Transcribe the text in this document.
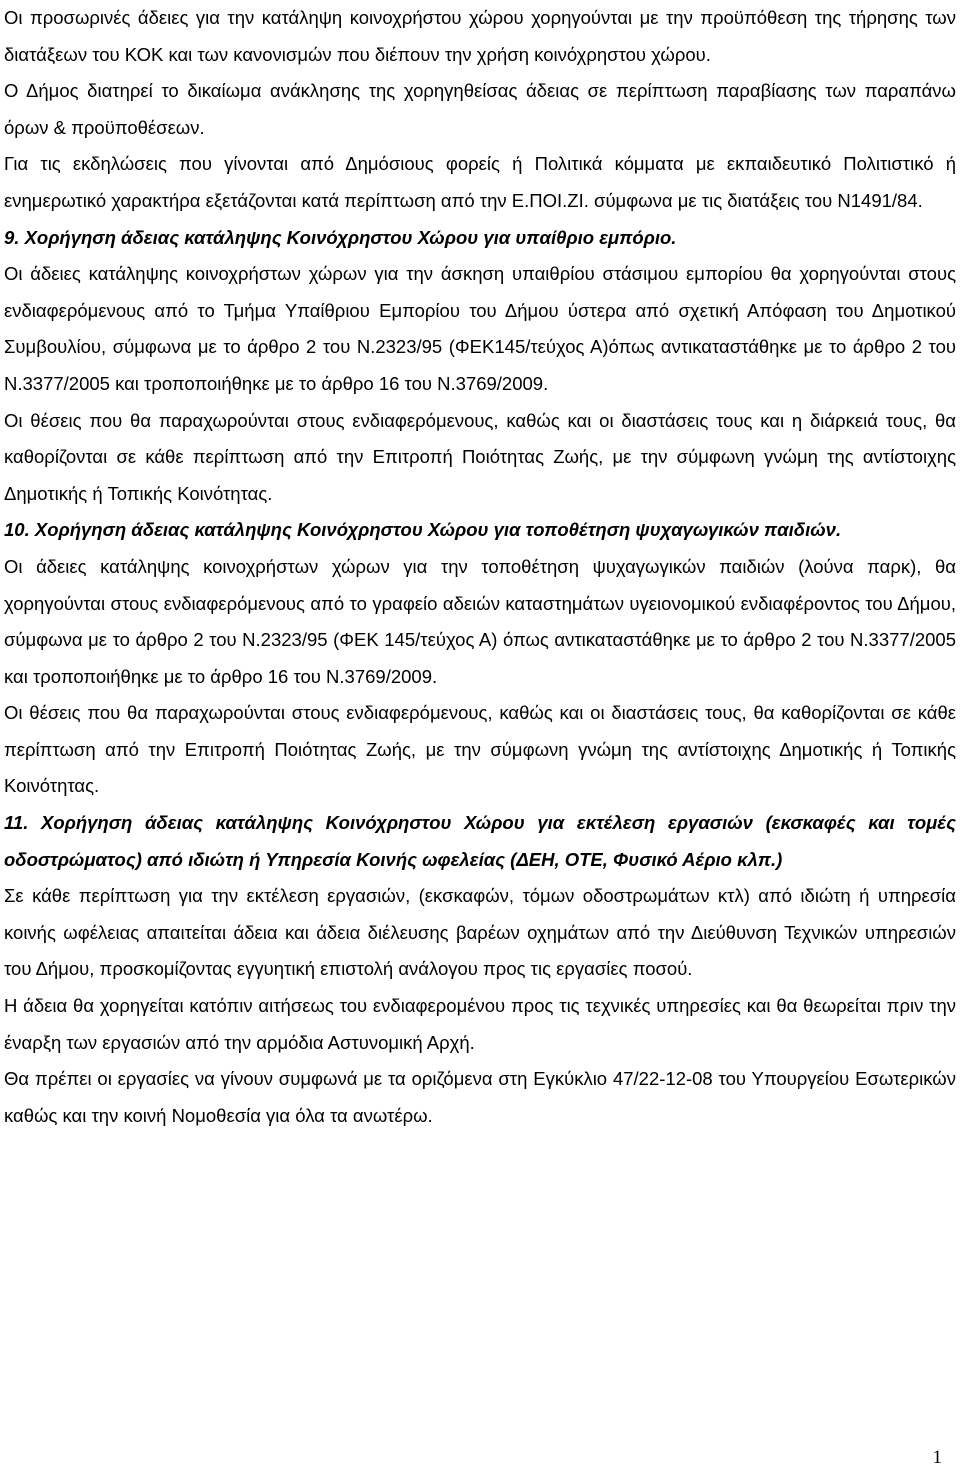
Οι προσωρινές άδειες για την κατάληψη κοινοχρήστου χώρου χορηγούνται με την προϋπόθεση της τήρησης των διατάξεων του ΚΟΚ και των κανονισμών που διέπουν την χρήση κοινόχρηστου χώρου.

Ο Δήμος διατηρεί το δικαίωμα ανάκλησης της χορηγηθείσας άδειας σε περίπτωση παραβίασης των παραπάνω όρων & προϋποθέσεων.

Για τις εκδηλώσεις που γίνονται από Δημόσιους φορείς ή Πολιτικά κόμματα με εκπαιδευτικό Πολιτιστικό ή ενημερωτικό χαρακτήρα εξετάζονται κατά περίπτωση από την Ε.ΠΟΙ.ΖΙ. σύμφωνα με τις διατάξεις του Ν1491/84.

9. Χορήγηση άδειας κατάληψης Κοινόχρηστου Χώρου για υπαίθριο εμπόριο.

Οι άδειες κατάληψης κοινοχρήστων χώρων για την άσκηση υπαιθρίου στάσιμου εμπορίου θα χορηγούνται στους ενδιαφερόμενους από το Τμήμα Υπαίθριου Εμπορίου του Δήμου ύστερα από σχετική Απόφαση του Δημοτικού Συμβουλίου, σύμφωνα με το άρθρο 2 του Ν.2323/95 (ΦΕΚ145/τεύχος Α)όπως αντικαταστάθηκε με το άρθρο 2 του Ν.3377/2005 και τροποποιήθηκε με το άρθρο 16 του Ν.3769/2009.

Οι θέσεις που θα παραχωρούνται στους ενδιαφερόμενους, καθώς και οι διαστάσεις τους και η διάρκειά τους, θα καθορίζονται σε κάθε περίπτωση από την Επιτροπή Ποιότητας Ζωής, με την σύμφωνη γνώμη της αντίστοιχης Δημοτικής ή Τοπικής Κοινότητας.

10. Χορήγηση άδειας κατάληψης Κοινόχρηστου Χώρου για τοποθέτηση ψυχαγωγικών παιδιών.

Οι άδειες κατάληψης κοινοχρήστων χώρων για την τοποθέτηση ψυχαγωγικών παιδιών (λούνα παρκ), θα χορηγούνται στους ενδιαφερόμενους από το γραφείο αδειών καταστημάτων υγειονομικού ενδιαφέροντος του Δήμου, σύμφωνα με το άρθρο 2 του Ν.2323/95 (ΦΕΚ 145/τεύχος Α) όπως αντικαταστάθηκε με το άρθρο 2 του Ν.3377/2005 και τροποποιήθηκε με το άρθρο 16 του Ν.3769/2009.

Οι θέσεις που θα παραχωρούνται στους ενδιαφερόμενους, καθώς και οι διαστάσεις τους, θα καθορίζονται σε κάθε περίπτωση από την Επιτροπή Ποιότητας Ζωής, με την σύμφωνη γνώμη της αντίστοιχης Δημοτικής ή Τοπικής Κοινότητας.

11. Χορήγηση άδειας κατάληψης Κοινόχρηστου Χώρου για εκτέλεση εργασιών (εκσκαφές και τομές οδοστρώματος) από ιδιώτη ή Υπηρεσία Κοινής ωφελείας (ΔΕΗ, ΟΤΕ, Φυσικό Αέριο κλπ.)

Σε κάθε περίπτωση για την εκτέλεση εργασιών, (εκσκαφών, τόμων οδοστρωμάτων κτλ) από ιδιώτη ή υπηρεσία κοινής ωφέλειας απαιτείται άδεια και άδεια διέλευσης βαρέων οχημάτων από την Διεύθυνση Τεχνικών υπηρεσιών του Δήμου, προσκομίζοντας εγγυητική επιστολή ανάλογου προς τις εργασίες ποσού.

Η άδεια θα χορηγείται κατόπιν αιτήσεως του ενδιαφερομένου προς τις τεχνικές υπηρεσίες και θα θεωρείται πριν την έναρξη των εργασιών από την αρμόδια Αστυνομική Αρχή.

Θα πρέπει οι εργασίες να γίνουν συμφωνά με τα οριζόμενα στη Εγκύκλιο 47/22-12-08 του Υπουργείου Εσωτερικών καθώς και την κοινή Νομοθεσία για όλα τα ανωτέρω.

1
